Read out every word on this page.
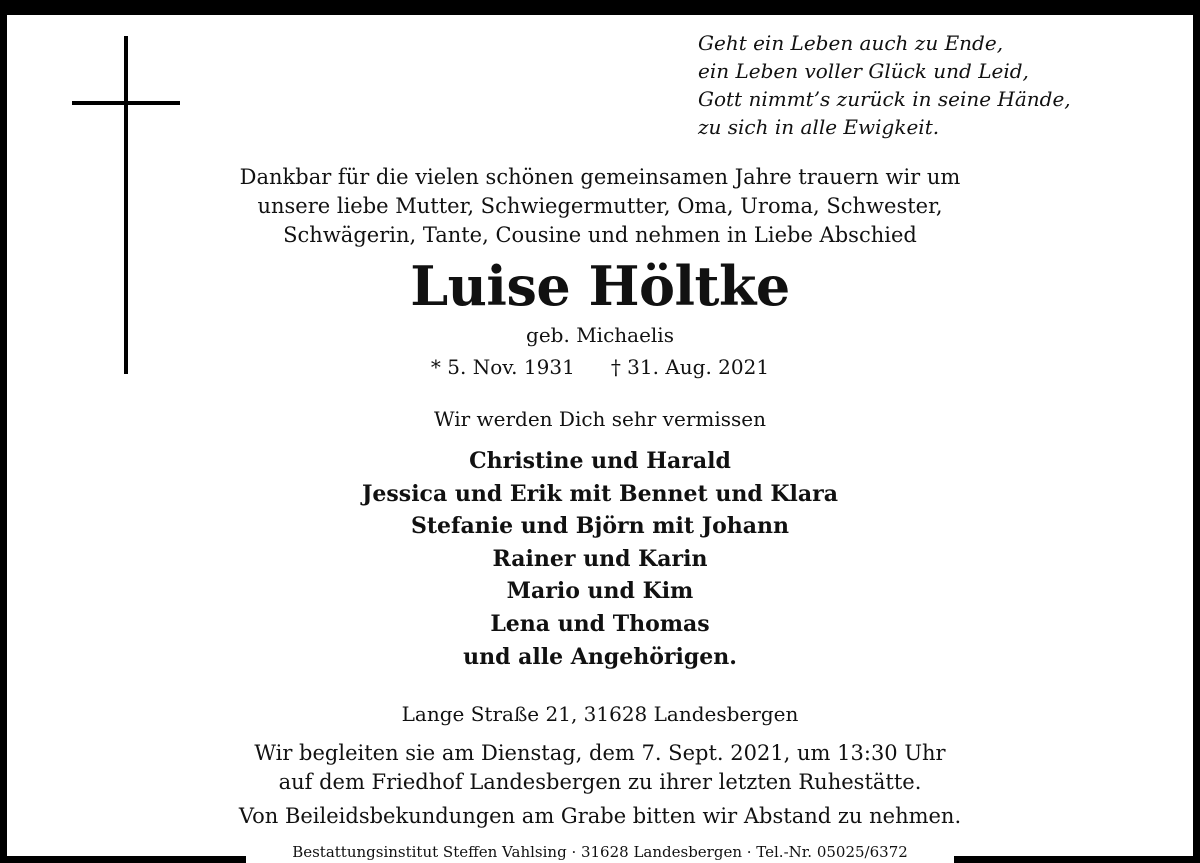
Geht ein Leben auch zu Ende,
ein Leben voller Glück und Leid,
Gott nimmt’s zurück in seine Hände,
zu sich in alle Ewigkeit.
Dankbar für die vielen schönen gemeinsamen Jahre trauern wir um
unsere liebe Mutter, Schwiegermutter, Oma, Uroma, Schwester,
Schwägerin, Tante, Cousine und nehmen in Liebe Abschied
Luise Höltke
geb. Michaelis
* 5. Nov. 1931 † 31. Aug. 2021
Wir werden Dich sehr vermissen
Christine und Harald
Jessica und Erik mit Bennet und Klara
Stefanie und Björn mit Johann
Rainer und Karin
Mario und Kim
Lena und Thomas
und alle Angehörigen.
Lange Straße 21, 31628 Landesbergen
Wir begleiten sie am Dienstag, dem 7. Sept. 2021, um 13:30 Uhr
auf dem Friedhof Landesbergen zu ihrer letzten Ruhestätte.
Von Beileidsbekundungen am Grabe bitten wir Abstand zu nehmen.
Bestattungsinstitut Steffen Vahlsing · 31628 Landesbergen · Tel.-Nr. 05025/6372
